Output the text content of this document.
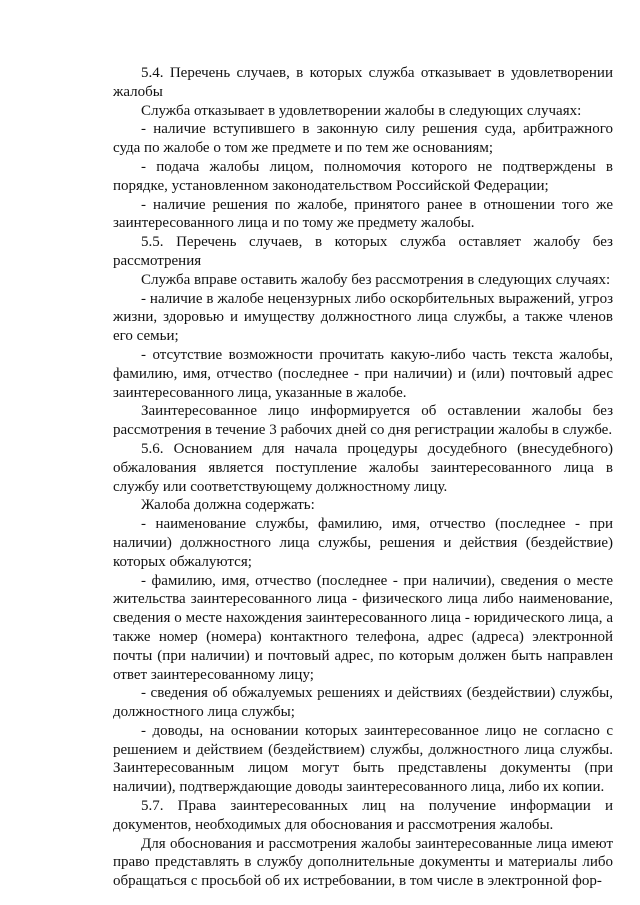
5.4. Перечень случаев, в которых служба отказывает в удовлетворении жалобы

Служба отказывает в удовлетворении жалобы в следующих случаях:

- наличие вступившего в законную силу решения суда, арбитражного суда по жалобе о том же предмете и по тем же основаниям;

- подача жалобы лицом, полномочия которого не подтверждены в порядке, установленном законодательством Российской Федерации;

- наличие решения по жалобе, принятого ранее в отношении того же заинтересованного лица и по тому же предмету жалобы.

5.5. Перечень случаев, в которых служба оставляет жалобу без рассмотрения

Служба вправе оставить жалобу без рассмотрения в следующих случаях:

- наличие в жалобе нецензурных либо оскорбительных выражений, угроз жизни, здоровью и имуществу должностного лица службы, а также членов его семьи;

- отсутствие возможности прочитать какую-либо часть текста жалобы, фамилию, имя, отчество (последнее - при наличии) и (или) почтовый адрес заинтересованного лица, указанные в жалобе.

Заинтересованное лицо информируется об оставлении жалобы без рассмотрения в течение 3 рабочих дней со дня регистрации жалобы в службе.

5.6. Основанием для начала процедуры досудебного (внесудебного) обжалования является поступление жалобы заинтересованного лица в службу или соответствующему должностному лицу.

Жалоба должна содержать:

- наименование службы, фамилию, имя, отчество (последнее - при наличии) должностного лица службы, решения и действия (бездействие) которых обжалуются;

- фамилию, имя, отчество (последнее - при наличии), сведения о месте жительства заинтересованного лица - физического лица либо наименование, сведения о месте нахождения заинтересованного лица - юридического лица, а также номер (номера) контактного телефона, адрес (адреса) электронной почты (при наличии) и почтовый адрес, по которым должен быть направлен ответ заинтересованному лицу;

- сведения об обжалуемых решениях и действиях (бездействии) службы, должностного лица службы;

- доводы, на основании которых заинтересованное лицо не согласно с решением и действием (бездействием) службы, должностного лица службы. Заинтересованным лицом могут быть представлены документы (при наличии), подтверждающие доводы заинтересованного лица, либо их копии.

5.7. Права заинтересованных лиц на получение информации и документов, необходимых для обоснования и рассмотрения жалобы.

Для обоснования и рассмотрения жалобы заинтересованные лица имеют право представлять в службу дополнительные документы и материалы либо обращаться с просьбой об их истребовании, в том числе в электронной фор-
